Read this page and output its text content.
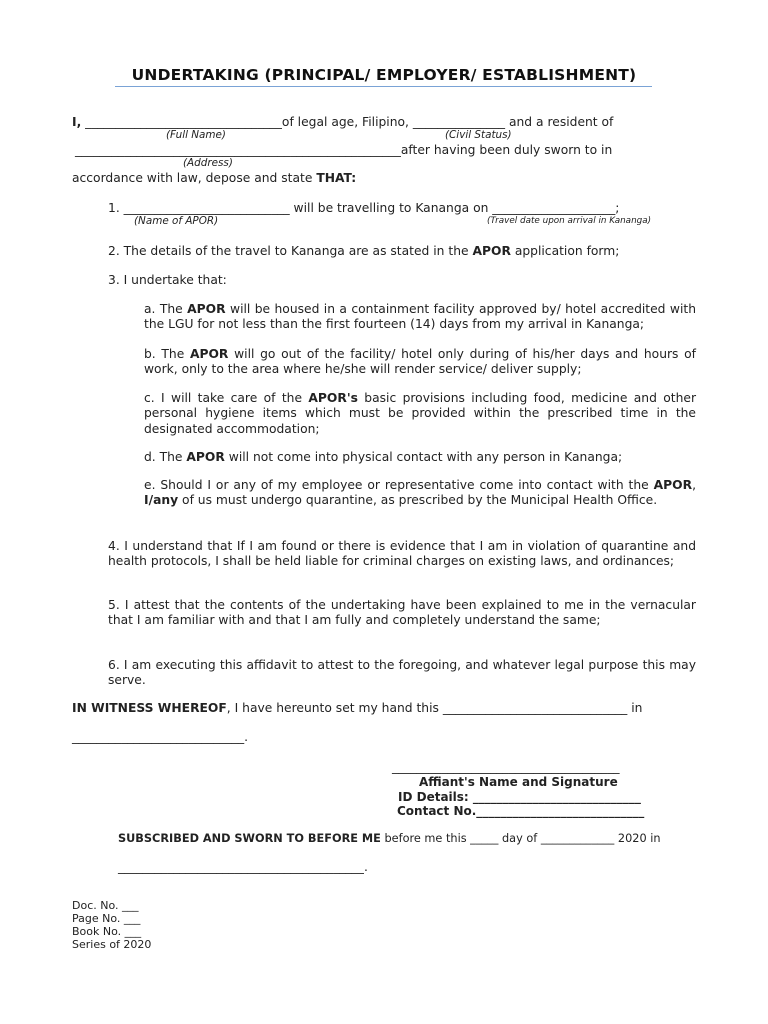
UNDERTAKING (PRINCIPAL/ EMPLOYER/ ESTABLISHMENT)
I, ________________________________of legal age, Filipino, _______________ and a resident of
(Full Name)	(Civil Status)
_____________________________________________________after having been duly sworn to in
(Address)
accordance with law, depose and state THAT:
1. ___________________________ will be travelling to Kananga on ____________________;
(Name of APOR)	(Travel date upon arrival in Kananga)
2. The details of the travel to Kananga are as stated in the APOR application form;
3. I undertake that:
a. The APOR will be housed in a containment facility approved by/ hotel accredited with the LGU for not less than the first fourteen (14) days from my arrival in Kananga;
b. The APOR will go out of the facility/ hotel only during of his/her days and hours of work, only to the area where he/she will render service/ deliver supply;
c. I will take care of the APOR's basic provisions including food, medicine and other personal hygiene items which must be provided within the prescribed time in the designated accommodation;
d. The APOR will not come into physical contact with any person in Kananga;
e. Should I or any of my employee or representative come into contact with the APOR, I/any of us must undergo quarantine, as prescribed by the Municipal Health Office.
4. I understand that If I am found or there is evidence that I am in violation of quarantine and health protocols, I shall be held liable for criminal charges on existing laws, and ordinances;
5. I attest that the contents of the undertaking have been explained to me in the vernacular that I am familiar with and that I am fully and completely understand the same;
6. I am executing this affidavit to attest to the foregoing, and whatever legal purpose this may serve.
IN WITNESS WHEREOF, I have hereunto set my hand this ______________________________ in
____________________________.
_____________________________________
Affiant's Name and Signature
ID Details: ____________________________
Contact No.____________________________
SUBSCRIBED AND SWORN TO BEFORE ME before me this _____ day of _____________ 2020 in
________________________________________.
Doc. No. ___
Page No. ___
Book No. ___
Series of 2020
